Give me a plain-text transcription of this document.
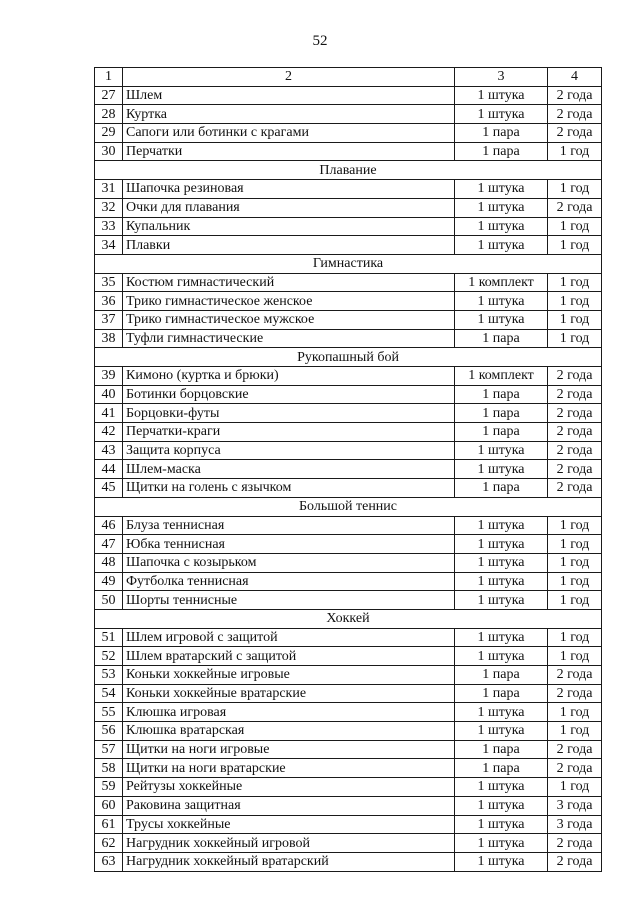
52
1	2	3	4
27	Шлем	1 штука	2 года
28	Куртка	1 штука	2 года
29	Сапоги или ботинки с крагами	1 пара	2 года
30	Перчатки	1 пара	1 год
Плавание			
31	Шапочка резиновая	1 штука	1 год
32	Очки для плавания	1 штука	2 года
33	Купальник	1 штука	1 год
34	Плавки	1 штука	1 год
Гимнастика			
35	Костюм гимнастический	1 комплект	1 год
36	Трико гимнастическое женское	1 штука	1 год
37	Трико гимнастическое мужское	1 штука	1 год
38	Туфли гимнастические	1 пара	1 год
Рукопашный бой			
39	Кимоно (куртка и брюки)	1 комплект	2 года
40	Ботинки борцовские	1 пара	2 года
41	Борцовки-футы	1 пара	2 года
42	Перчатки-краги	1 пара	2 года
43	Защита корпуса	1 штука	2 года
44	Шлем-маска	1 штука	2 года
45	Щитки на голень с язычком	1 пара	2 года
Большой теннис			
46	Блуза теннисная	1 штука	1 год
47	Юбка теннисная	1 штука	1 год
48	Шапочка с козырьком	1 штука	1 год
49	Футболка теннисная	1 штука	1 год
50	Шорты теннисные	1 штука	1 год
Хоккей			
51	Шлем игровой с защитой	1 штука	1 год
52	Шлем вратарский с защитой	1 штука	1 год
53	Коньки хоккейные игровые	1 пара	2 года
54	Коньки хоккейные вратарские	1 пара	2 года
55	Клюшка игровая	1 штука	1 год
56	Клюшка вратарская	1 штука	1 год
57	Щитки на ноги игровые	1 пара	2 года
58	Щитки на ноги вратарские	1 пара	2 года
59	Рейтузы хоккейные	1 штука	1 год
60	Раковина защитная	1 штука	3 года
61	Трусы хоккейные	1 штука	3 года
62	Нагрудник хоккейный игровой	1 штука	2 года
63	Нагрудник хоккейный вратарский	1 штука	2 года
